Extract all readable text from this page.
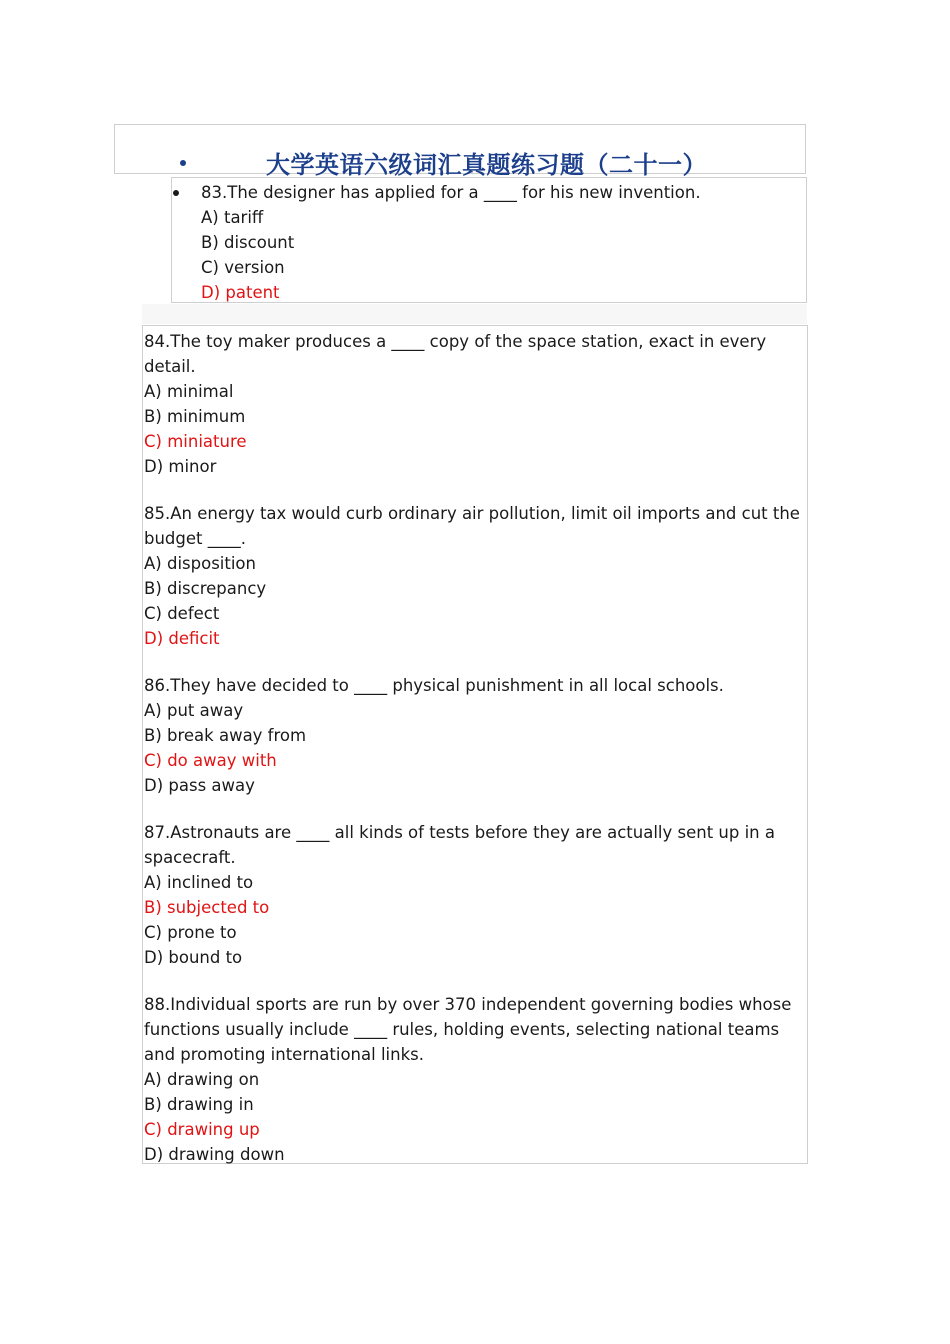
大学英语六级词汇真题练习题（二十一）

83.The designer has applied for a ____ for his new invention.

A) tariff

B) discount

C) version

D) patent

84.The toy maker produces a ____ copy of the space station, exact in every detail.

A) minimal

B) minimum

C) miniature

D) minor

85.An energy tax would curb ordinary air pollution, limit oil imports and cut the budget ____.

A) disposition

B) discrepancy

C) defect

D) deficit

86.They have decided to ____ physical punishment in all local schools.

A) put away

B) break away from

C) do away with

D) pass away

87.Astronauts are ____ all kinds of tests before they are actually sent up in a spacecraft.

A) inclined to

B) subjected to

C) prone to

D) bound to

88.Individual sports are run by over 370 independent governing bodies whose functions usually include ____ rules, holding events, selecting national teams and promoting international links.

A) drawing on

B) drawing in

C) drawing up

D) drawing down
